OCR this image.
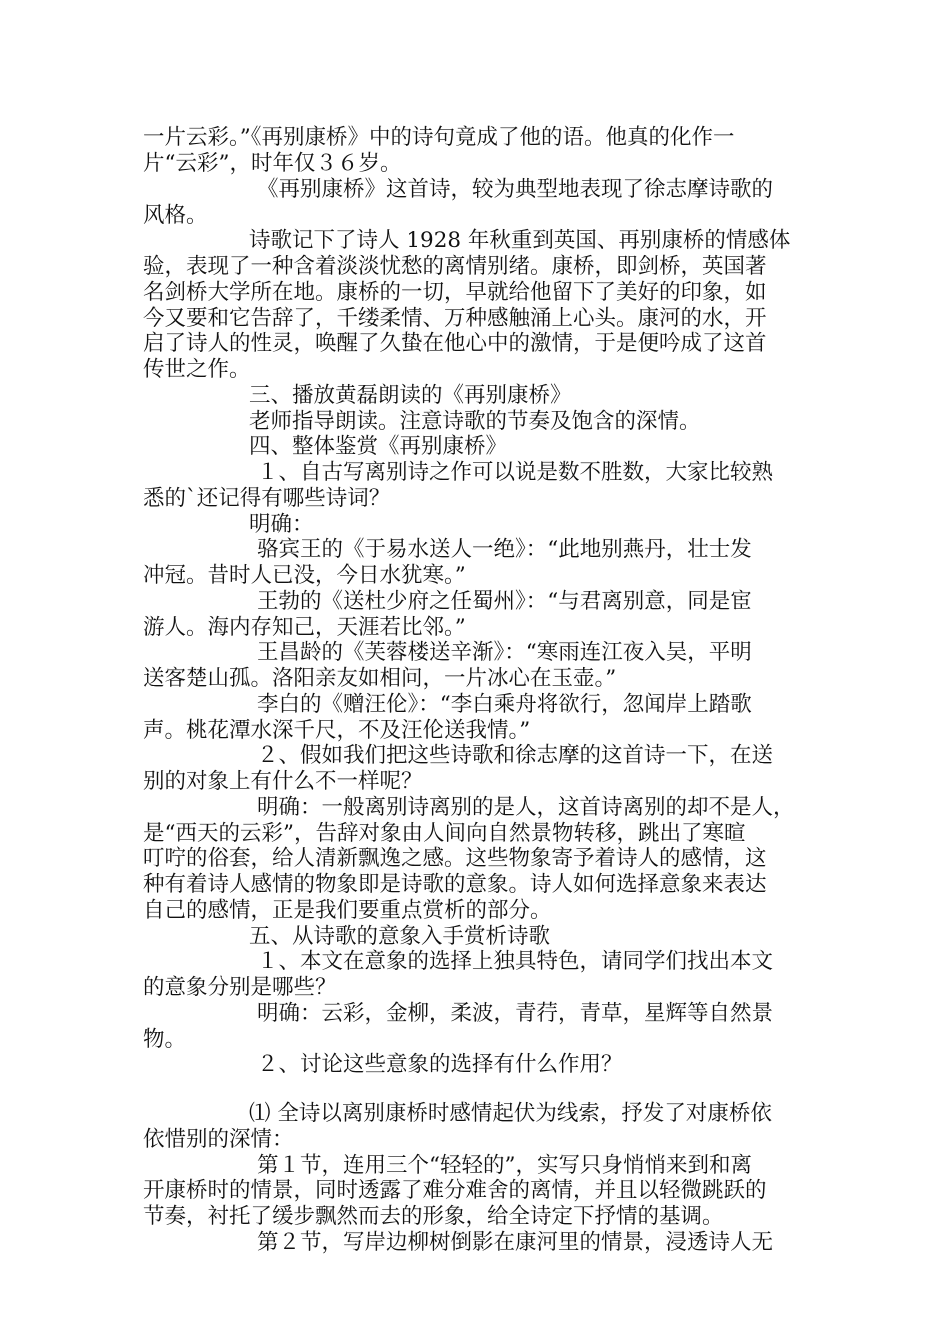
一片云彩。”《再别康桥》中的诗句竟成了他的语。他真的化作一
片“云彩”，时年仅３６岁。
《再别康桥》这首诗，较为典型地表现了徐志摩诗歌的
风格。
诗歌记下了诗人 1928 年秋重到英国、再别康桥的情感体
验，表现了一种含着淡淡忧愁的离情别绪。康桥，即剑桥，英国著
名剑桥大学所在地。康桥的一切，早就给他留下了美好的印象，如
今又要和它告辞了，千缕柔情、万种感触涌上心头。康河的水，开
启了诗人的性灵，唤醒了久蛰在他心中的激情，于是便吟成了这首
传世之作。
三、播放黄磊朗读的《再别康桥》
老师指导朗读。注意诗歌的节奏及饱含的深情。
四、整体鉴赏《再别康桥》
１、自古写离别诗之作可以说是数不胜数，大家比较熟
悉的`还记得有哪些诗词？
明确：
骆宾王的《于易水送人一绝》：“此地别燕丹，壮士发
冲冠。昔时人已没，今日水犹寒。”
王勃的《送杜少府之任蜀州》：“与君离别意，同是宦
游人。海内存知己，天涯若比邻。”
王昌龄的《芙蓉楼送辛渐》：“寒雨连江夜入吴，平明
送客楚山孤。洛阳亲友如相问，一片冰心在玉壶。”
李白的《赠汪伦》：“李白乘舟将欲行，忽闻岸上踏歌
声。桃花潭水深千尺，不及汪伦送我情。”
２、假如我们把这些诗歌和徐志摩的这首诗一下，在送
别的对象上有什么不一样呢？
明确：一般离别诗离别的是人，这首诗离别的却不是人，
是“西天的云彩”，告辞对象由人间向自然景物转移，跳出了寒暄
叮咛的俗套，给人清新飘逸之感。这些物象寄予着诗人的感情，这
种有着诗人感情的物象即是诗歌的意象。诗人如何选择意象来表达
自己的感情，正是我们要重点赏析的部分。
五、从诗歌的意象入手赏析诗歌
１、本文在意象的选择上独具特色，请同学们找出本文
的意象分别是哪些？
明确：云彩，金柳，柔波，青荇，青草，星辉等自然景
物。
２、讨论这些意象的选择有什么作用？
⑴ 全诗以离别康桥时感情起伏为线索，抒发了对康桥依
依惜别的深情：
第１节，连用三个“轻轻的”，实写只身悄悄来到和离
开康桥时的情景，同时透露了难分难舍的离情，并且以轻微跳跃的
节奏，衬托了缓步飘然而去的形象，给全诗定下抒情的基调。
第２节，写岸边柳树倒影在康河里的情景，浸透诗人无
